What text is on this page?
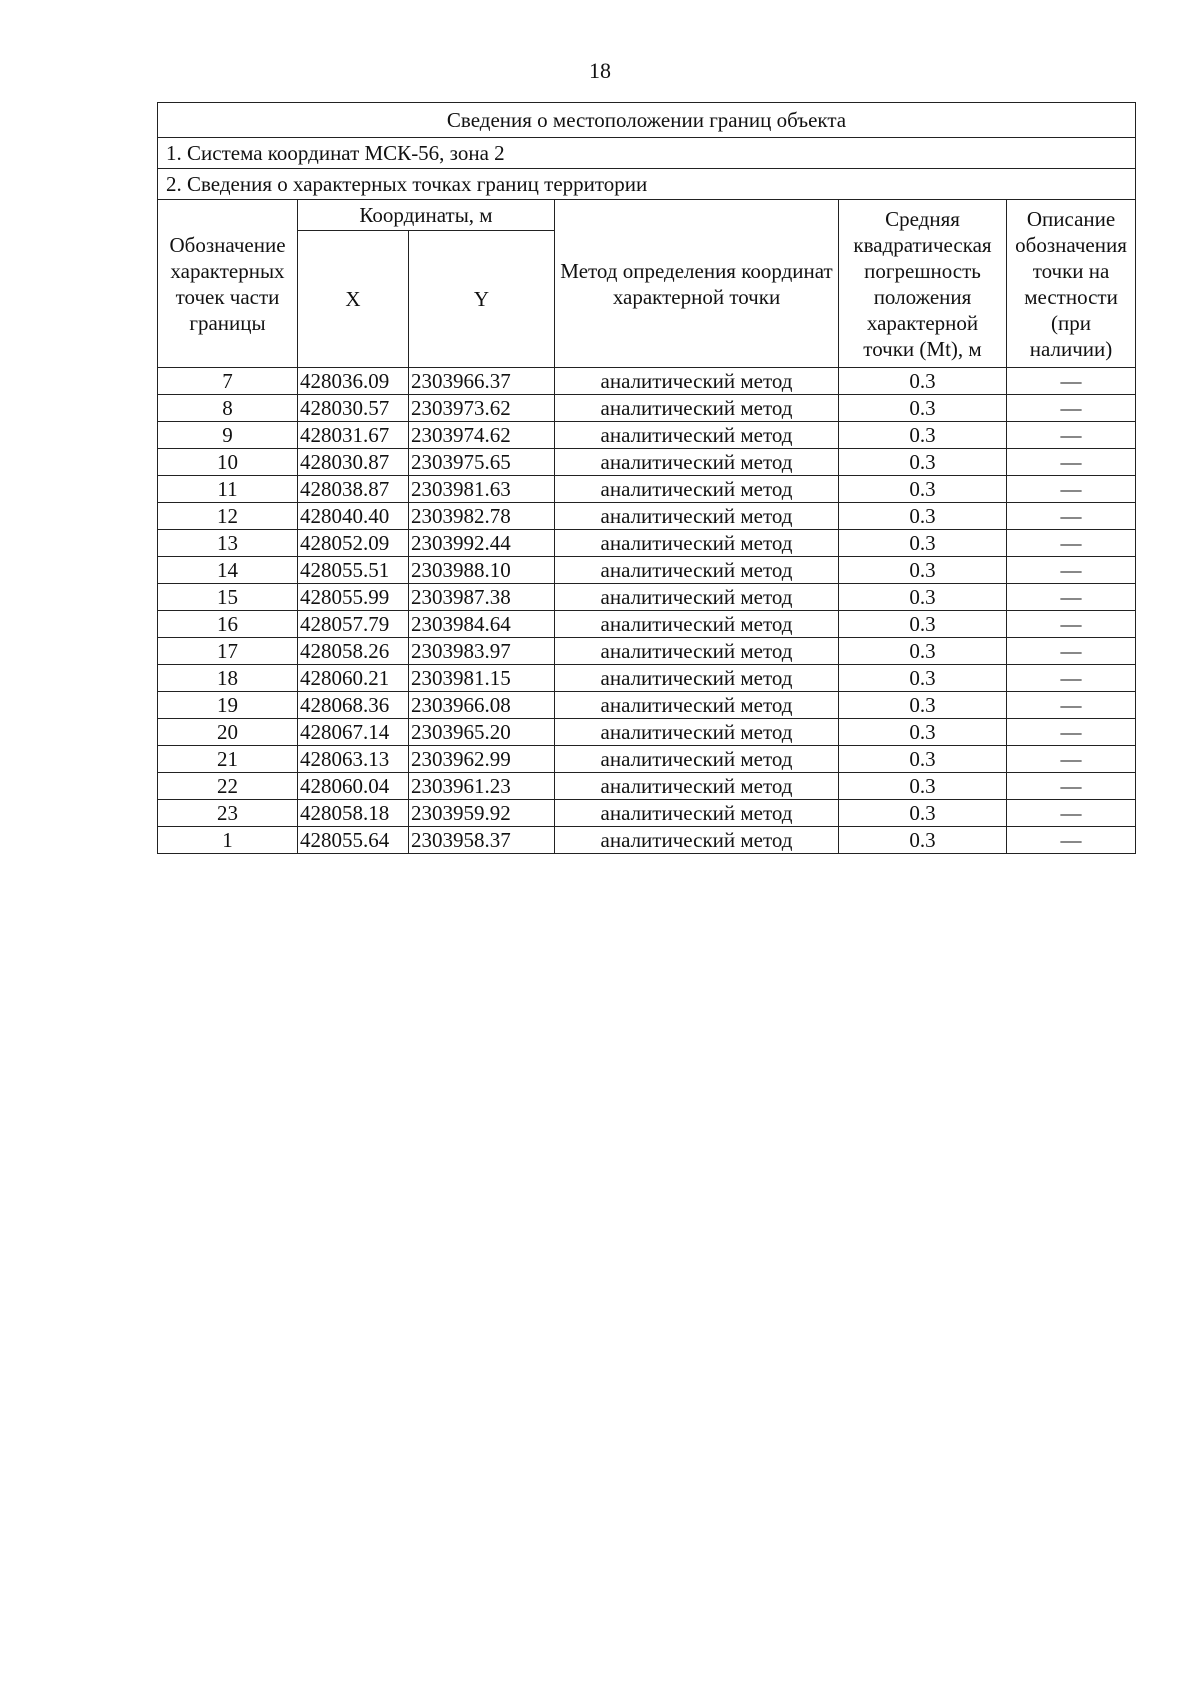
18
Сведения о местоположении границ объекта					
1. Система координат МСК-56, зона 2					
2. Сведения о характерных точках границ территории					
Обозначение характерных точек части границы	Координаты, м		Метод определения координат характерной точки	Средняя квадратическая погрешность положения характерной точки (Mt), м	Описание обозначения точки на местности (при наличии)
	X	Y			
7	428036.09	2303966.37	аналитический метод	0.3	—
8	428030.57	2303973.62	аналитический метод	0.3	—
9	428031.67	2303974.62	аналитический метод	0.3	—
10	428030.87	2303975.65	аналитический метод	0.3	—
11	428038.87	2303981.63	аналитический метод	0.3	—
12	428040.40	2303982.78	аналитический метод	0.3	—
13	428052.09	2303992.44	аналитический метод	0.3	—
14	428055.51	2303988.10	аналитический метод	0.3	—
15	428055.99	2303987.38	аналитический метод	0.3	—
16	428057.79	2303984.64	аналитический метод	0.3	—
17	428058.26	2303983.97	аналитический метод	0.3	—
18	428060.21	2303981.15	аналитический метод	0.3	—
19	428068.36	2303966.08	аналитический метод	0.3	—
20	428067.14	2303965.20	аналитический метод	0.3	—
21	428063.13	2303962.99	аналитический метод	0.3	—
22	428060.04	2303961.23	аналитический метод	0.3	—
23	428058.18	2303959.92	аналитический метод	0.3	—
1	428055.64	2303958.37	аналитический метод	0.3	—
